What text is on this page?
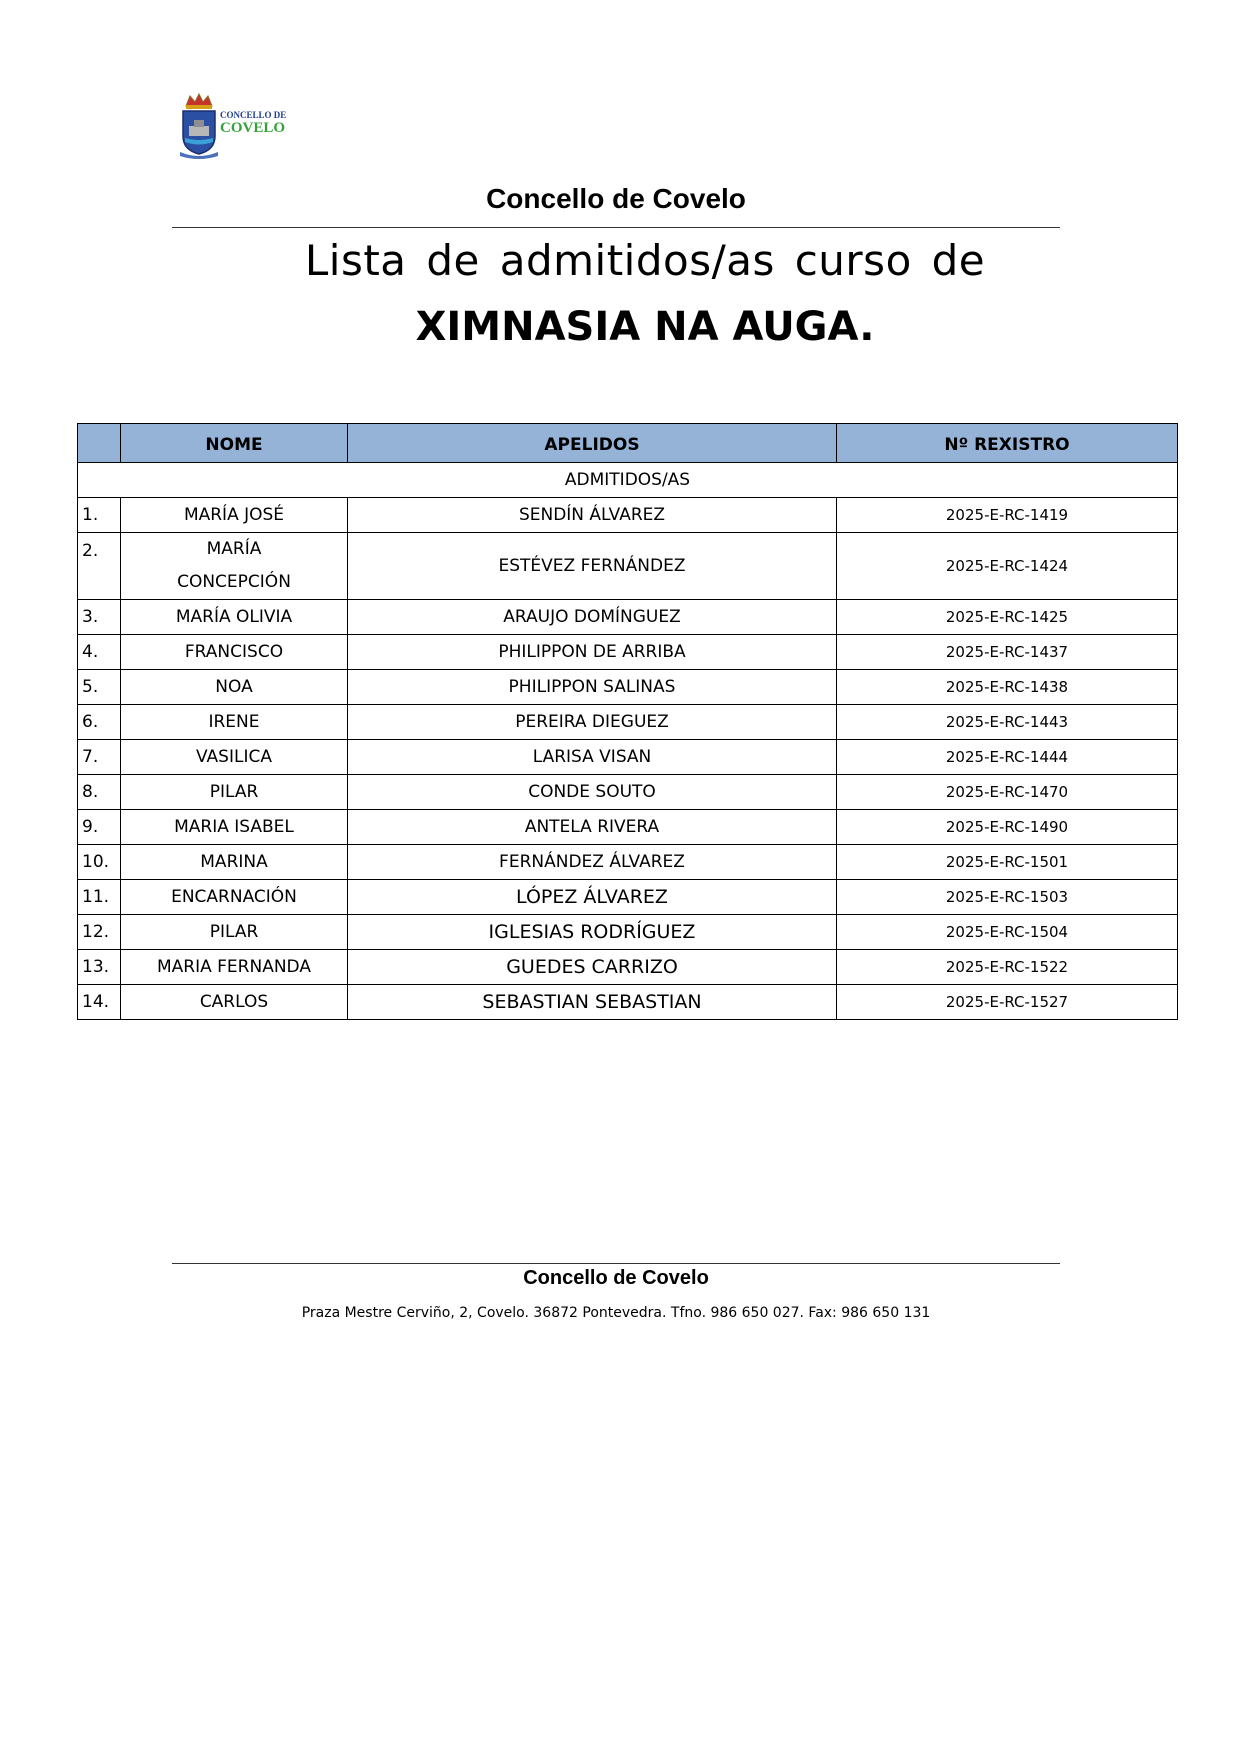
CONCELLO DE
COVELO
Concello de Covelo
Lista de admitidos/as curso de
XIMNASIA NA AUGA.
	NOME	APELIDOS	Nº REXISTRO
ADMITIDOS/AS			
1.	MARÍA JOSÉ	SENDÍN ÁLVAREZ	2025-E-RC-1419
2.	MARÍA CONCEPCIÓN	ESTÉVEZ FERNÁNDEZ	2025-E-RC-1424
3.	MARÍA OLIVIA	ARAUJO DOMÍNGUEZ	2025-E-RC-1425
4.	FRANCISCO	PHILIPPON DE ARRIBA	2025-E-RC-1437
5.	NOA	PHILIPPON SALINAS	2025-E-RC-1438
6.	IRENE	PEREIRA DIEGUEZ	2025-E-RC-1443
7.	VASILICA	LARISA VISAN	2025-E-RC-1444
8.	PILAR	CONDE SOUTO	2025-E-RC-1470
9.	MARIA ISABEL	ANTELA RIVERA	2025-E-RC-1490
10.	MARINA	FERNÁNDEZ ÁLVAREZ	2025-E-RC-1501
11.	ENCARNACIÓN	LÓPEZ ÁLVAREZ	2025-E-RC-1503
12.	PILAR	IGLESIAS RODRÍGUEZ	2025-E-RC-1504
13.	MARIA FERNANDA	GUEDES CARRIZO	2025-E-RC-1522
14.	CARLOS	SEBASTIAN SEBASTIAN	2025-E-RC-1527
Concello de Covelo
Praza Mestre Cerviño, 2, Covelo. 36872 Pontevedra. Tfno. 986 650 027. Fax: 986 650 131
